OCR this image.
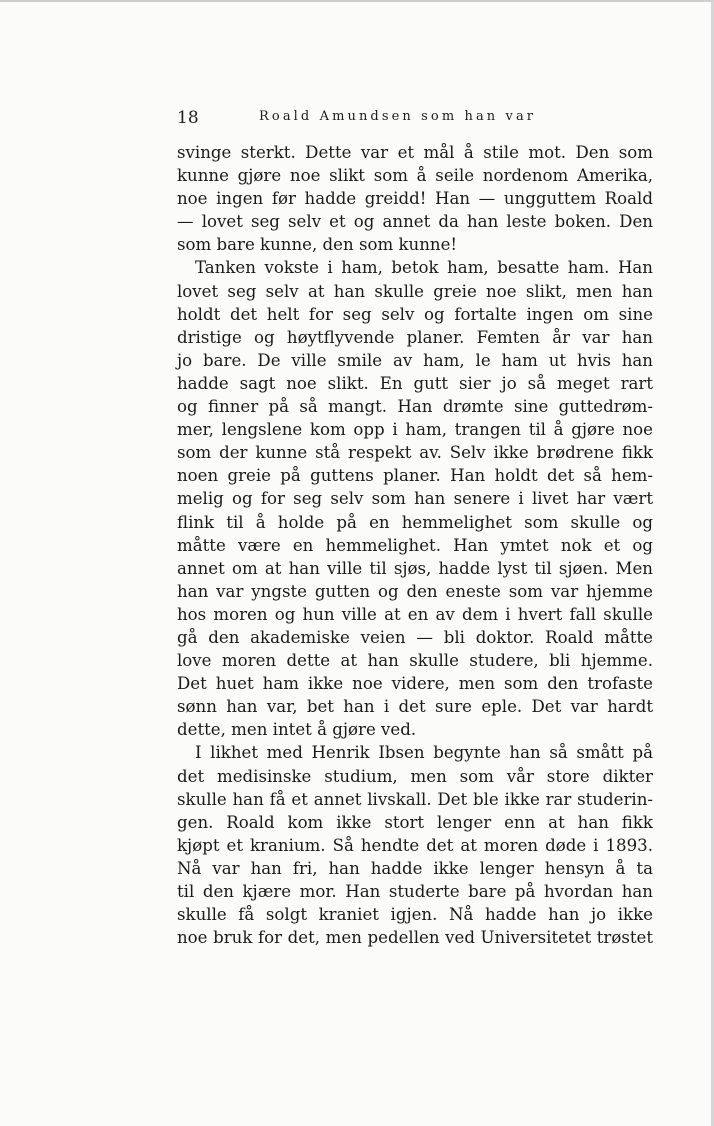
18	Roald Amundsen som han var
svinge sterkt. Dette var et mål å stile mot. Den som
kunne gjøre noe slikt som å seile nordenom Amerika,
noe ingen før hadde greidd! Han — ungguttem Roald
— lovet seg selv et og annet da han leste boken. Den
som bare kunne, den som kunne!
Tanken vokste i ham, betok ham, besatte ham. Han
lovet seg selv at han skulle greie noe slikt, men han
holdt det helt for seg selv og fortalte ingen om sine
dristige og høytflyvende planer. Femten år var han
jo bare. De ville smile av ham, le ham ut hvis han
hadde sagt noe slikt. En gutt sier jo så meget rart
og finner på så mangt. Han drømte sine guttedrøm-
mer, lengslene kom opp i ham, trangen til å gjøre noe
som der kunne stå respekt av. Selv ikke brødrene fikk
noen greie på guttens planer. Han holdt det så hem-
melig og for seg selv som han senere i livet har vært
flink til å holde på en hemmelighet som skulle og
måtte være en hemmelighet. Han ymtet nok et og
annet om at han ville til sjøs, hadde lyst til sjøen. Men
han var yngste gutten og den eneste som var hjemme
hos moren og hun ville at en av dem i hvert fall skulle
gå den akademiske veien — bli doktor. Roald måtte
love moren dette at han skulle studere, bli hjemme.
Det huet ham ikke noe videre, men som den trofaste
sønn han var, bet han i det sure eple. Det var hardt
dette, men intet å gjøre ved.
I likhet med Henrik Ibsen begynte han så smått på
det medisinske studium, men som vår store dikter
skulle han få et annet livskall. Det ble ikke rar studerin-
gen. Roald kom ikke stort lenger enn at han fikk
kjøpt et kranium. Så hendte det at moren døde i 1893.
Nå var han fri, han hadde ikke lenger hensyn å ta
til den kjære mor. Han studerte bare på hvordan han
skulle få solgt kraniet igjen. Nå hadde han jo ikke
noe bruk for det, men pedellen ved Universitetet trøstet
